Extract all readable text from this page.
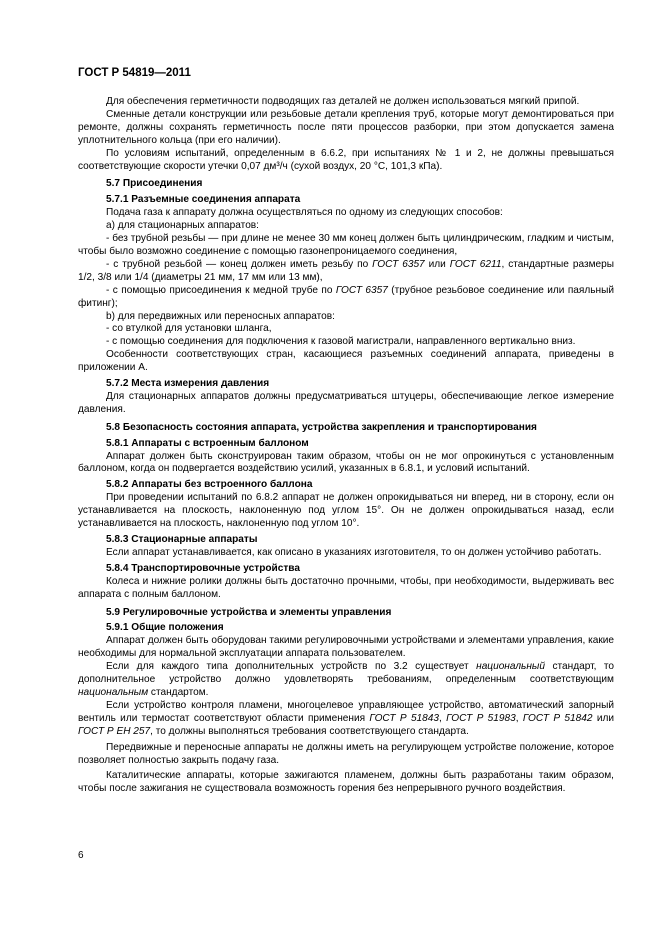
ГОСТ Р 54819—2011

Для обеспечения герметичности подводящих газ деталей не должен использоваться мягкий припой.

Сменные детали конструкции или резьбовые детали крепления труб, которые могут демонтироваться при ремонте, должны сохранять герметичность после пяти процессов разборки, при этом допускается замена уплотнительного кольца (при его наличии).

По условиям испытаний, определенным в 6.6.2, при испытаниях № 1 и 2, не должны превышаться соответствующие скорости утечки 0,07 дм³/ч (сухой воздух, 20 °С, 101,3 кПа).

5.7 Присоединения

5.7.1 Разъемные соединения аппарата

Подача газа к аппарату должна осуществляться по одному из следующих способов:

a) для стационарных аппаратов:

- без трубной резьбы — при длине не менее 30 мм конец должен быть цилиндрическим, гладким и чистым, чтобы было возможно соединение с помощью газонепроницаемого соединения,

- с трубной резьбой — конец должен иметь резьбу по ГОСТ 6357 или ГОСТ 6211, стандартные размеры 1/2, 3/8 или 1/4 (диаметры 21 мм, 17 мм или 13 мм),

- с помощью присоединения к медной трубе по ГОСТ 6357 (трубное резьбовое соединение или паяльный фитинг);

b) для передвижных или переносных аппаратов:

- со втулкой для установки шланга,

- с помощью соединения для подключения к газовой магистрали, направленного вертикально вниз.

Особенности соответствующих стран, касающиеся разъемных соединений аппарата, приведены в приложении А.

5.7.2 Места измерения давления

Для стационарных аппаратов должны предусматриваться штуцеры, обеспечивающие легкое измерение давления.

5.8 Безопасность состояния аппарата, устройства закрепления и транспортирования

5.8.1 Аппараты с встроенным баллоном

Аппарат должен быть сконструирован таким образом, чтобы он не мог опрокинуться с установленным баллоном, когда он подвергается воздействию усилий, указанных в 6.8.1, и условий испытаний.

5.8.2 Аппараты без встроенного баллона

При проведении испытаний по 6.8.2 аппарат не должен опрокидываться ни вперед, ни в сторону, если он устанавливается на плоскость, наклоненную под углом 15°. Он не должен опрокидываться назад, если устанавливается на плоскость, наклоненную под углом 10°.

5.8.3 Стационарные аппараты

Если аппарат устанавливается, как описано в указаниях изготовителя, то он должен устойчиво работать.

5.8.4 Транспортировочные устройства

Колеса и нижние ролики должны быть достаточно прочными, чтобы, при необходимости, выдерживать вес аппарата с полным баллоном.

5.9 Регулировочные устройства и элементы управления

5.9.1 Общие положения

Аппарат должен быть оборудован такими регулировочными устройствами и элементами управления, какие необходимы для нормальной эксплуатации аппарата пользователем.

Если для каждого типа дополнительных устройств по 3.2 существует национальный стандарт, то дополнительное устройство должно удовлетворять требованиям, определенным соответствующим национальным стандартом.

Если устройство контроля пламени, многоцелевое управляющее устройство, автоматический запорный вентиль или термостат соответствуют области применения ГОСТ Р 51843, ГОСТ Р 51983, ГОСТ Р 51842 или ГОСТ Р ЕН 257, то должны выполняться требования соответствующего стандарта.

Передвижные и переносные аппараты не должны иметь на регулирующем устройстве положение, которое позволяет полностью закрыть подачу газа.

Каталитические аппараты, которые зажигаются пламенем, должны быть разработаны таким образом, чтобы после зажигания не существовала возможность горения без непрерывного ручного воздействия.

6
